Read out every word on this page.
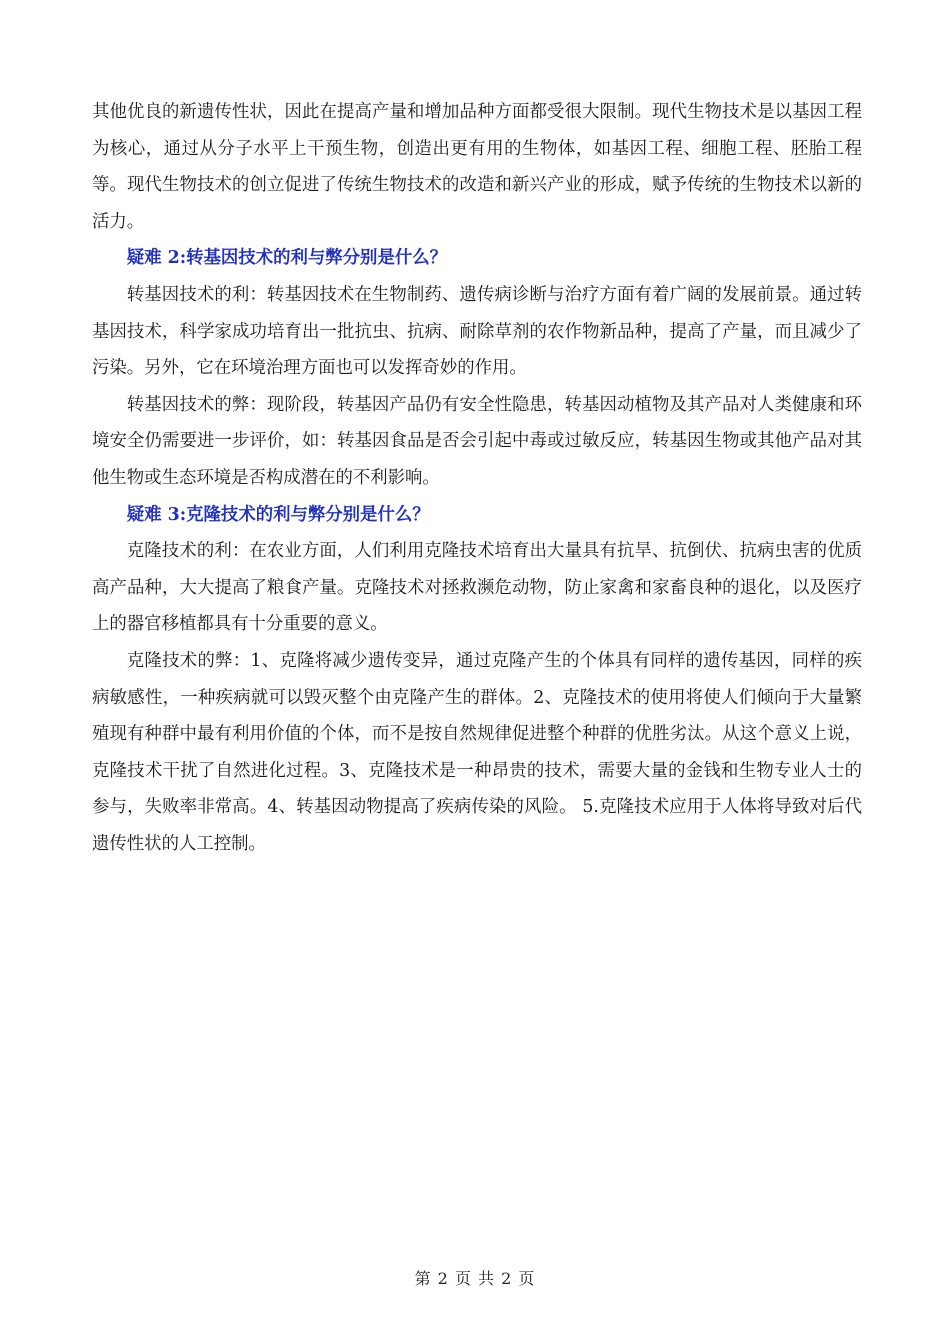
其他优良的新遗传性状，因此在提高产量和增加品种方面都受很大限制。现代生物技术是以基因工程为核心，通过从分子水平上干预生物，创造出更有用的生物体，如基因工程、细胞工程、胚胎工程等。现代生物技术的创立促进了传统生物技术的改造和新兴产业的形成，赋予传统的生物技术以新的活力。

疑难 2:转基因技术的利与弊分别是什么？

转基因技术的利：转基因技术在生物制药、遗传病诊断与治疗方面有着广阔的发展前景。通过转基因技术，科学家成功培育出一批抗虫、抗病、耐除草剂的农作物新品种，提高了产量，而且减少了污染。另外，它在环境治理方面也可以发挥奇妙的作用。

转基因技术的弊：现阶段，转基因产品仍有安全性隐患，转基因动植物及其产品对人类健康和环境安全仍需要进一步评价，如：转基因食品是否会引起中毒或过敏反应，转基因生物或其他产品对其他生物或生态环境是否构成潜在的不利影响。

疑难 3:克隆技术的利与弊分别是什么？

克隆技术的利：在农业方面，人们利用克隆技术培育出大量具有抗旱、抗倒伏、抗病虫害的优质高产品种，大大提高了粮食产量。克隆技术对拯救濒危动物，防止家禽和家畜良种的退化，以及医疗上的器官移植都具有十分重要的意义。

克隆技术的弊：1、克隆将减少遗传变异，通过克隆产生的个体具有同样的遗传基因，同样的疾病敏感性，一种疾病就可以毁灭整个由克隆产生的群体。2、克隆技术的使用将使人们倾向于大量繁殖现有种群中最有利用价值的个体，而不是按自然规律促进整个种群的优胜劣汰。从这个意义上说，克隆技术干扰了自然进化过程。3、克隆技术是一种昂贵的技术，需要大量的金钱和生物专业人士的参与，失败率非常高。4、转基因动物提高了疾病传染的风险。 5.克隆技术应用于人体将导致对后代遗传性状的人工控制。

第 2 页 共 2 页
